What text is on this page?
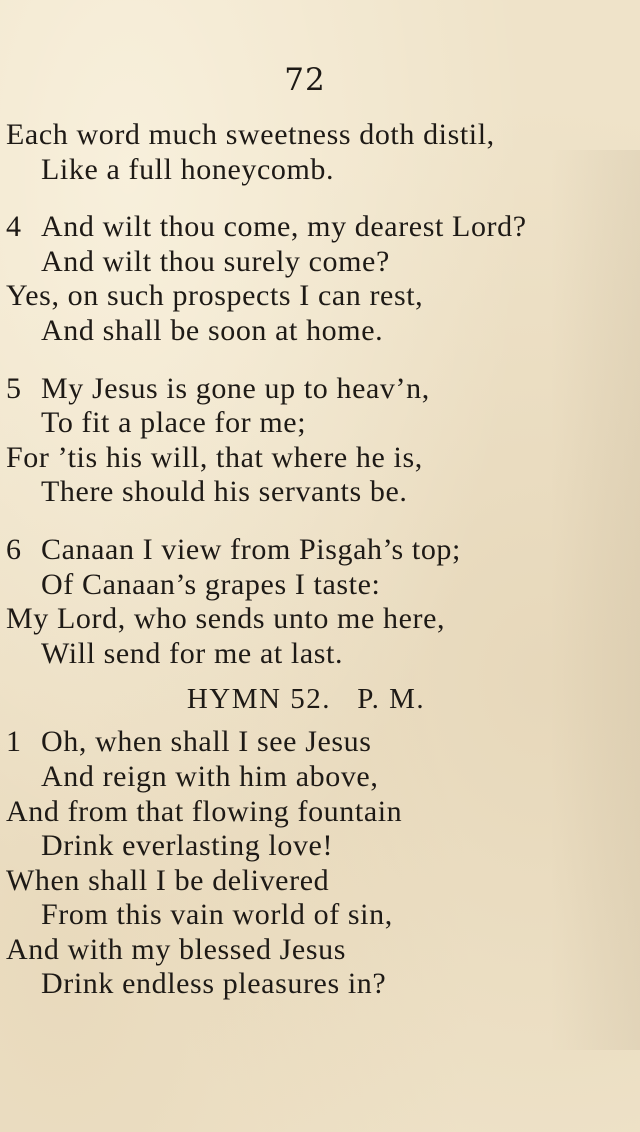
72
Each word much sweetness doth distil,
Like a full honeycomb.
4 And wilt thou come, my dearest Lord?
And wilt thou surely come?
Yes, on such prospects I can rest,
And shall be soon at home.
5 My Jesus is gone up to heav’n,
To fit a place for me;
For ’tis his will, that where he is,
There should his servants be.
6 Canaan I view from Pisgah’s top;
Of Canaan’s grapes I taste:
My Lord, who sends unto me here,
Will send for me at last.
HYMN 52. P. M.
1 Oh, when shall I see Jesus
And reign with him above,
And from that flowing fountain
Drink everlasting love!
When shall I be delivered
From this vain world of sin,
And with my blessed Jesus
Drink endless pleasures in?
